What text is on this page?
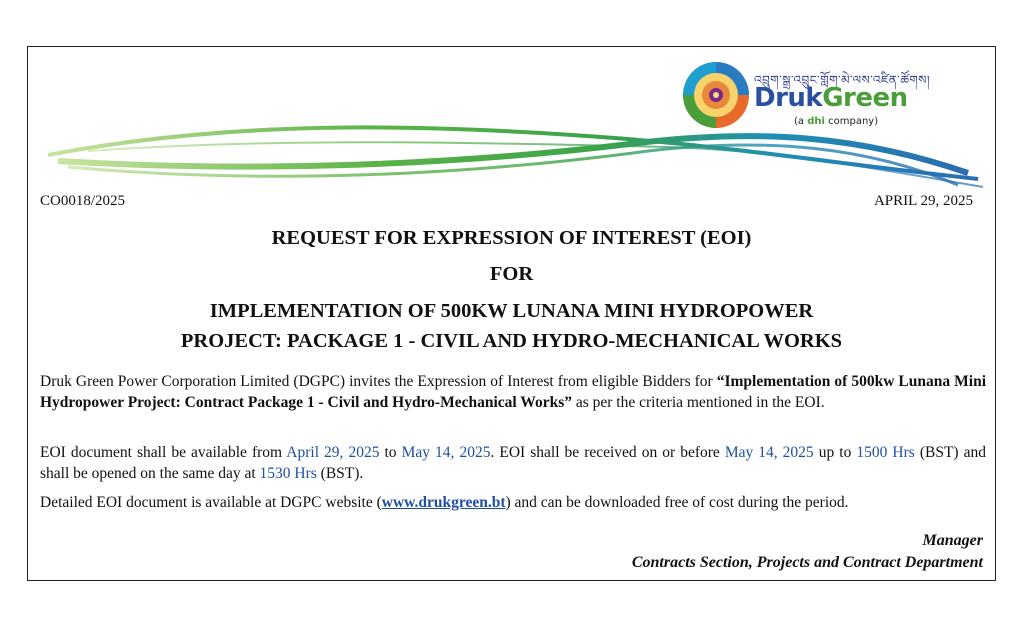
འབྲུག་སྒྲ་འབྲུང་གློག་མེ་ལས་འཛིན་ཚོགས།
DrukGreen
(a dhi company)
CO0018/2025	APRIL 29, 2025
REQUEST FOR EXPRESSION OF INTEREST (EOI)
FOR
IMPLEMENTATION OF 500KW LUNANA MINI HYDROPOWER
PROJECT: PACKAGE 1 - CIVIL AND HYDRO-MECHANICAL WORKS
Druk Green Power Corporation Limited (DGPC) invites the Expression of Interest from eligible Bidders for “Implementation of 500kw Lunana Mini Hydropower Project: Contract Package 1 - Civil and Hydro-Mechanical Works” as per the criteria mentioned in the EOI.
EOI document shall be available from April 29, 2025 to May 14, 2025. EOI shall be received on or before May 14, 2025 up to 1500 Hrs (BST) and shall be opened on the same day at 1530 Hrs (BST).
Detailed EOI document is available at DGPC website (www.drukgreen.bt) and can be downloaded free of cost during the period.
Manager
Contracts Section, Projects and Contract Department
